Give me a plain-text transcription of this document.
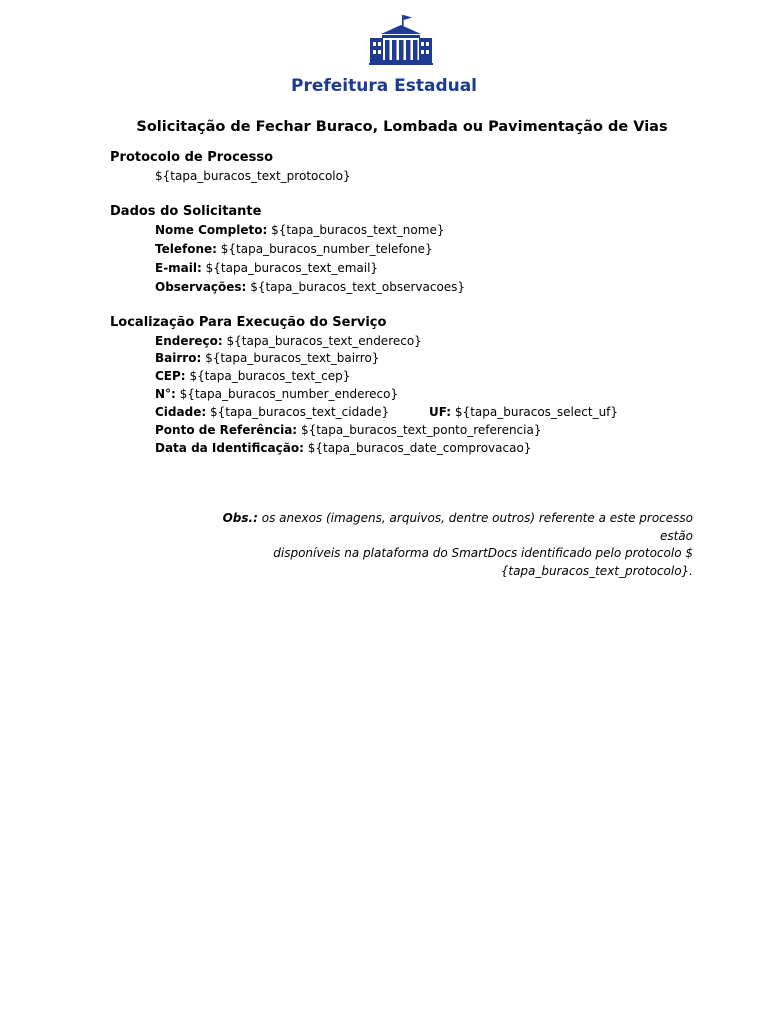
Prefeitura Estadual
Solicitação de Fechar Buraco, Lombada ou Pavimentação de Vias
Protocolo de Processo
${tapa_buracos_text_protocolo}
Dados do Solicitante
Nome Completo: ${tapa_buracos_text_nome}
Telefone: ${tapa_buracos_number_telefone}
E-mail: ${tapa_buracos_text_email}
Observações: ${tapa_buracos_text_observacoes}
Localização Para Execução do Serviço
Endereço: ${tapa_buracos_text_endereco}
Bairro: ${tapa_buracos_text_bairro}
CEP: ${tapa_buracos_text_cep}
N°: ${tapa_buracos_number_endereco}
Cidade: ${tapa_buracos_text_cidade}	UF: ${tapa_buracos_select_uf}
Ponto de Referência: ${tapa_buracos_text_ponto_referencia}
Data da Identificação: ${tapa_buracos_date_comprovacao}
Obs.: os anexos (imagens, arquivos, dentre outros) referente a este processo estão
disponíveis na plataforma do SmartDocs identificado pelo protocolo $
{tapa_buracos_text_protocolo}.
